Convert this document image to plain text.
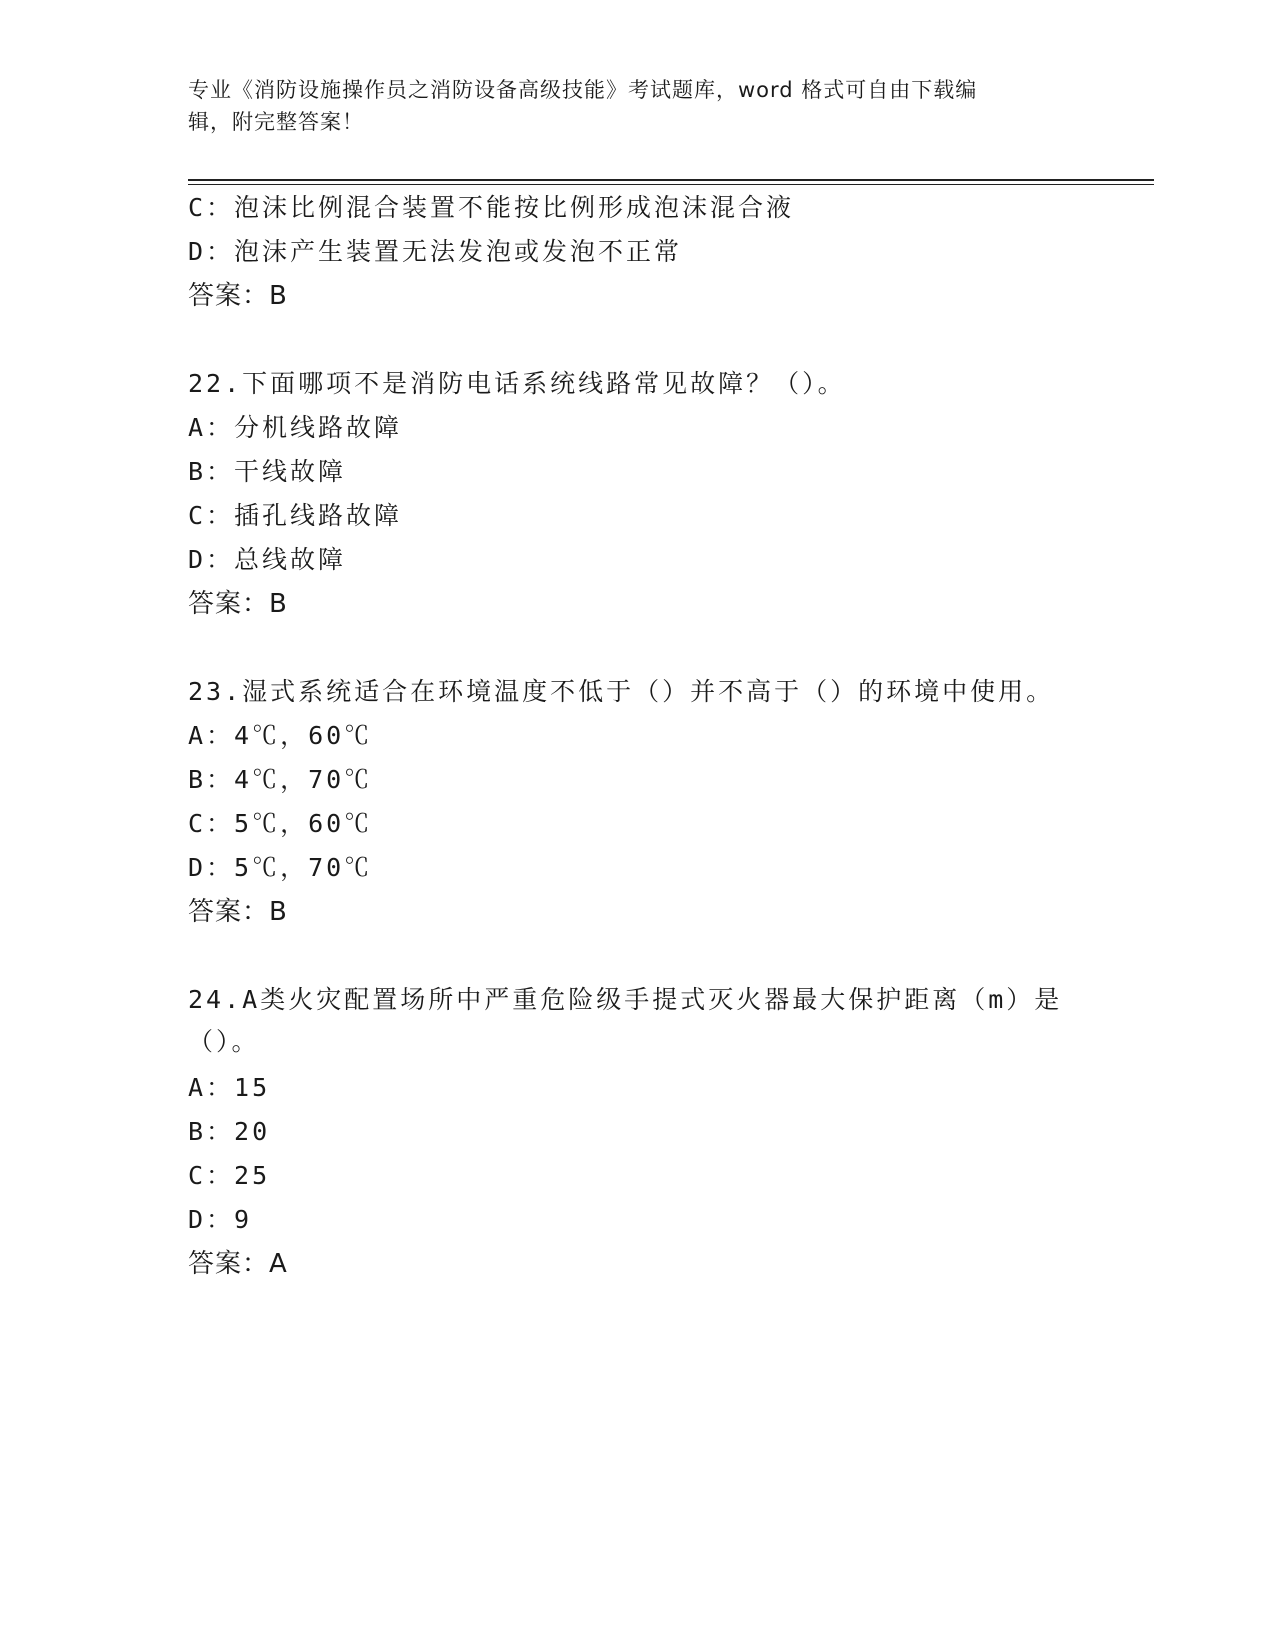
专业《消防设施操作员之消防设备高级技能》考试题库，word 格式可自由下载编
辑，附完整答案！
C：泡沫比例混合装置不能按比例形成泡沫混合液
D：泡沫产生装置无法发泡或发泡不正常
答案：B
22.下面哪项不是消防电话系统线路常见故障？（）。
A：分机线路故障
B：干线故障
C：插孔线路故障
D：总线故障
答案：B
23.湿式系统适合在环境温度不低于（）并不高于（）的环境中使用。
A：4℃，60℃
B：4℃，70℃
C：5℃，60℃
D：5℃，70℃
答案：B
24.A类火灾配置场所中严重危险级手提式灭火器最大保护距离（m）是
（）。
A：15
B：20
C：25
D：9
答案：A
